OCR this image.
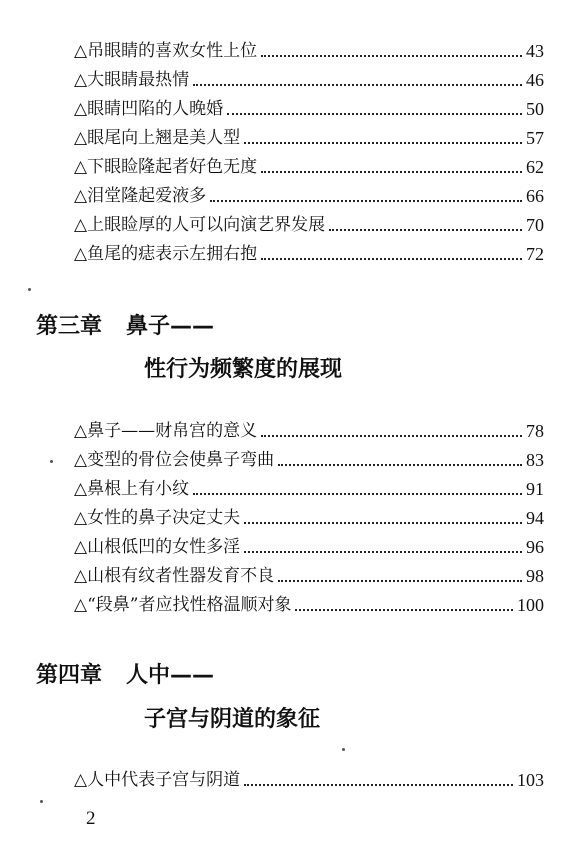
△吊眼睛的喜欢女性上位	43
△大眼睛最热情	46
△眼睛凹陷的人晚婚	50
△眼尾向上翘是美人型	57
△下眼睑隆起者好色无度	62
△泪堂隆起爱液多	66
△上眼睑厚的人可以向演艺界发展	70
△鱼尾的痣表示左拥右抱	72
第三章 鼻子——
性行为频繁度的展现
△鼻子——财帛宫的意义	78
△变型的骨位会使鼻子弯曲	83
△鼻根上有小纹	91
△女性的鼻子决定丈夫	94
△山根低凹的女性多淫	96
△山根有纹者性器发育不良	98
△“段鼻”者应找性格温顺对象	100
第四章 人中——
子宫与阴道的象征
△人中代表子宫与阴道	103
2
